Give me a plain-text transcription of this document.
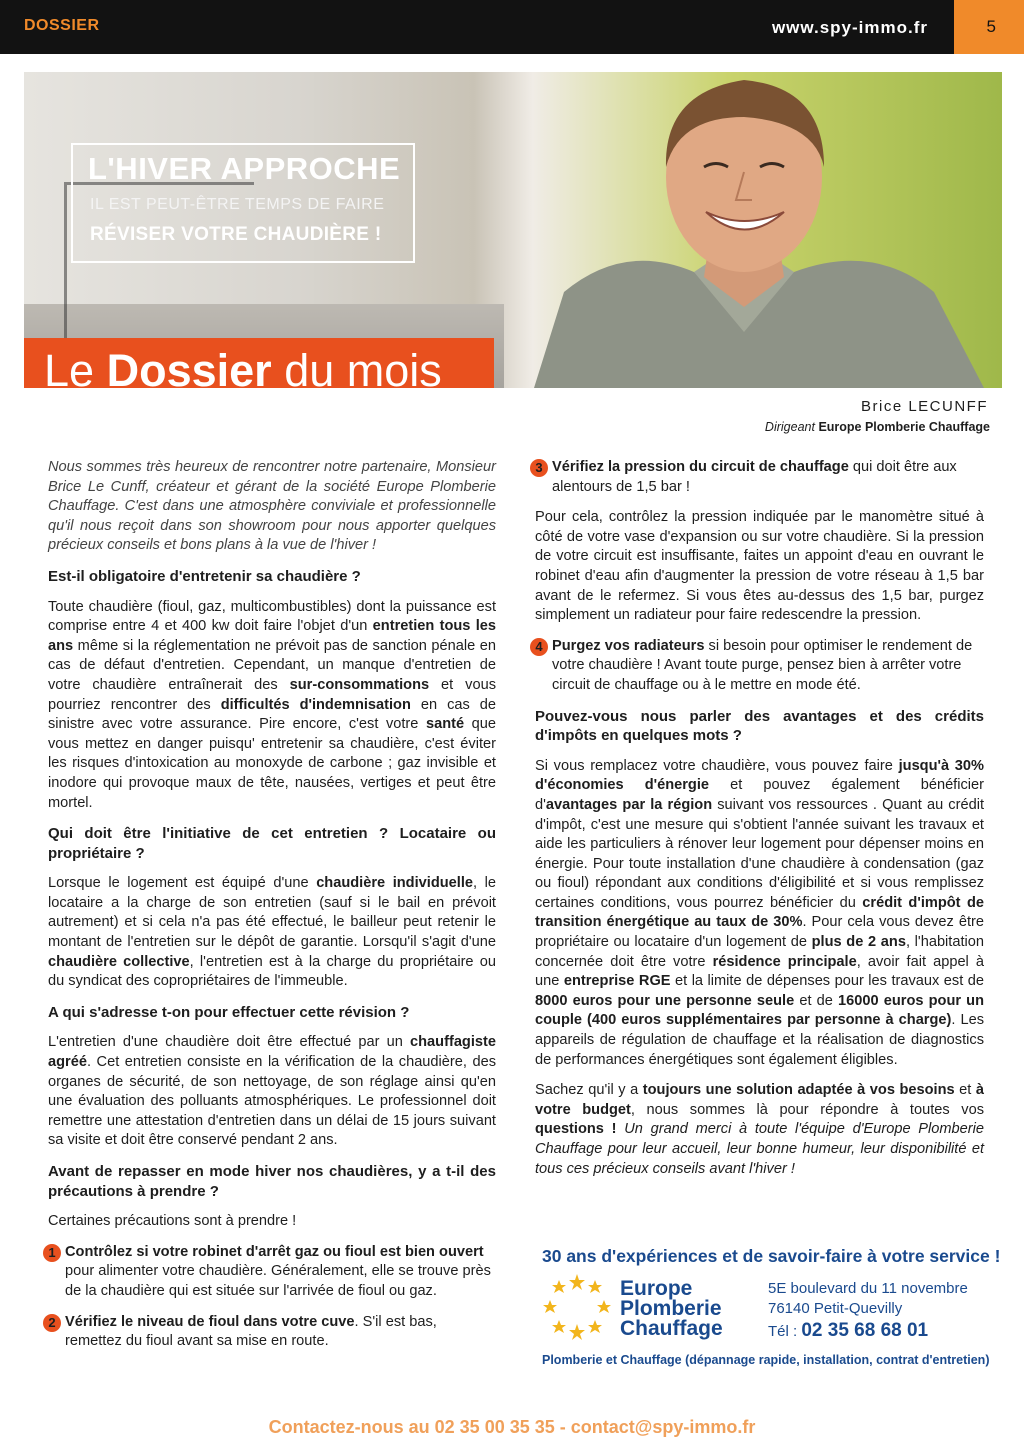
DOSSIER	www.spy-immo.fr	5
L'HIVER APPROCHE
IL EST PEUT-ÊTRE TEMPS DE FAIRE
RÉVISER VOTRE CHAUDIÈRE !
Le Dossier du mois
Brice LECUNFF
Dirigeant Europe Plomberie Chauffage

Nous sommes très heureux de rencontrer notre partenaire, Monsieur Brice Le Cunff, créateur et gérant de la société Europe Plomberie Chauffage. C'est dans une atmosphère conviviale et professionnelle qu'il nous reçoit dans son showroom pour nous apporter quelques précieux conseils et bons plans à la vue de l'hiver !

Est-il obligatoire d'entretenir sa chaudière ?

Toute chaudière (fioul, gaz, multicombustibles) dont la puissance est comprise entre 4 et 400 kw doit faire l'objet d'un entretien tous les ans même si la réglementation ne prévoit pas de sanction pénale en cas de défaut d'entretien. Cependant, un manque d'entretien de votre chaudière entraînerait des sur-consommations et vous pourriez rencontrer des difficultés d'indemnisation en cas de sinistre avec votre assurance. Pire encore, c'est votre santé que vous mettez en danger puisqu' entretenir sa chaudière, c'est éviter les risques d'intoxication au monoxyde de carbone ; gaz invisible et inodore qui provoque maux de tête, nausées, vertiges et peut être mortel.

Qui doit être l'initiative de cet entretien ? Locataire ou propriétaire ?

Lorsque le logement est équipé d'une chaudière individuelle, le locataire a la charge de son entretien (sauf si le bail en prévoit autrement) et si cela n'a pas été effectué, le bailleur peut retenir le montant de l'entretien sur le dépôt de garantie. Lorsqu'il s'agit d'une chaudière collective, l'entretien est à la charge du propriétaire ou du syndicat des copropriétaires de l'immeuble.

A qui s'adresse t-on pour effectuer cette révision ?

L'entretien d'une chaudière doit être effectué par un chauffagiste agréé. Cet entretien consiste en la vérification de la chaudière, des organes de sécurité, de son nettoyage, de son réglage ainsi qu'en une évaluation des polluants atmosphériques. Le professionnel doit remettre une attestation d'entretien dans un délai de 15 jours suivant sa visite et doit être conservé pendant 2 ans.

Avant de repasser en mode hiver nos chaudières, y a t-il des précautions à prendre ?

Certaines précautions sont à prendre !

1 Contrôlez si votre robinet d'arrêt gaz ou fioul est bien ouvert pour alimenter votre chaudière. Généralement, elle se trouve près de la chaudière qui est située sur l'arrivée de fioul ou gaz.
2 Vérifiez le niveau de fioul dans votre cuve. S'il est bas, remettez du fioul avant sa mise en route.
3 Vérifiez la pression du circuit de chauffage qui doit être aux alentours de 1,5 bar !

Pour cela, contrôlez la pression indiquée par le manomètre situé à côté de votre vase d'expansion ou sur votre chaudière. Si la pression de votre circuit est insuffisante, faites un appoint d'eau en ouvrant le robinet d'eau afin d'augmenter la pression de votre réseau à 1,5 bar avant de le refermez. Si vous êtes au-dessus des 1,5 bar, purgez simplement un radiateur pour faire redescendre la pression.

4 Purgez vos radiateurs si besoin pour optimiser le rendement de votre chaudière ! Avant toute purge, pensez bien à arrêter votre circuit de chauffage ou à le mettre en mode été.
Pouvez-vous nous parler des avantages et des crédits d'impôts en quelques mots ?

Si vous remplacez votre chaudière, vous pouvez faire jusqu'à 30% d'économies d'énergie et pouvez également bénéficier d'avantages par la région suivant vos ressources . Quant au crédit d'impôt, c'est une mesure qui s'obtient l'année suivant les travaux et aide les particuliers à rénover leur logement pour dépenser moins en énergie. Pour toute installation d'une chaudière à condensation (gaz ou fioul) répondant aux conditions d'éligibilité et si vous remplissez certaines conditions, vous pourrez bénéficier du crédit d'impôt de transition énergétique au taux de 30%. Pour cela vous devez être propriétaire ou locataire d'un logement de plus de 2 ans, l'habitation concernée doit être votre résidence principale, avoir fait appel à une entreprise RGE et la limite de dépenses pour les travaux est de 8000 euros pour une personne seule et de 16000 euros pour un couple (400 euros supplémentaires par personne à charge). Les appareils de régulation de chauffage et la réalisation de diagnostics de performances énergétiques sont également éligibles.

Sachez qu'il y a toujours une solution adaptée à vos besoins et à votre budget, nous sommes là pour répondre à toutes vos questions ! Un grand merci à toute l'équipe d'Europe Plomberie Chauffage pour leur accueil, leur bonne humeur, leur disponibilité et tous ces précieux conseils avant l'hiver !

30 ans d'expériences et de savoir-faire à votre service !
Europe
Plomberie
Chauffage
5E boulevard du 11 novembre
76140 Petit-Quevilly
Tél : 02 35 68 68 01
Plomberie et Chauffage (dépannage rapide, installation, contrat d'entretien)
Contactez-nous au 02 35 00 35 35 - contact@spy-immo.fr
